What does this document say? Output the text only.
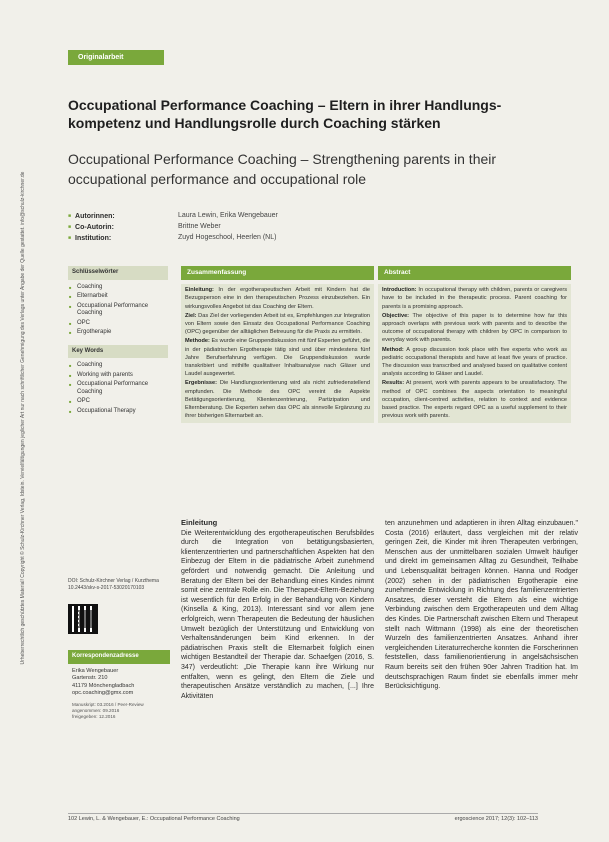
Urheberrechtlich geschütztes Material! Copyright © Schulz-Kirchner Verlag, Idstein. Vervielfältigungen jeglicher Art nur nach schriftlicher Genehmigung des Verlags unter Angabe der Quelle gestattet. info@schulz-kirchner.de
Originalarbeit
Occupational Performance Coaching – Eltern in ihrer Handlungskompetenz und Handlungsrolle durch Coaching stärken
Occupational Performance Coaching – Strengthening parents in their occupational performance and occupational role
■ Autorinnen:	Laura Lewin, Erika Wengebauer
■ Co-Autorin:	Brittne Weber
■ Institution:	Zuyd Hogeschool, Heerlen (NL)
Schlüsselwörter
■ Coaching
■ Elternarbeit
■ Occupational Performance Coaching
■ OPC
■ Ergotherapie
Key Words
■ Coaching
■ Working with parents
■ Occupational Performance Coaching
■ OPC
■ Occupational Therapy
Zusammenfassung

Einleitung: In der ergotherapeutischen Arbeit mit Kindern hat die Bezugsperson eine in den therapeutischen Prozess einzubeziehen. Ein wirkungsvolles Angebot ist das Coaching der Eltern.

Ziel: Das Ziel der vorliegenden Arbeit ist es, Empfehlungen zur Integration von Eltern sowie den Einsatz des Occupational Performance Coaching (OPC) gegenüber der alltäglichen Betreuung für die Praxis zu ermitteln.

Methode: Es wurde eine Gruppendiskussion mit fünf Experten geführt, die in der pädiatrischen Ergotherapie tätig sind und über mindestens fünf Jahre Berufserfahrung verfügen. Die Gruppendiskussion wurde transkribiert und mithilfe qualitativer Inhaltsanalyse nach Gläser und Laudel ausgewertet.

Ergebnisse: Die Handlungsorientierung wird als nicht zufriedenstellend empfunden. Die Methode des OPC vereint die Aspekte Betätigungsorientierung, Klientenzentrierung, Partizipation und Elternberatung. Die Experten sehen das OPC als sinnvolle Ergänzung zu ihrer bisherigen Elternarbeit an.

Abstract

Introduction: In occupational therapy with children, parents or caregivers have to be included in the therapeutic process. Parent coaching for parents is a promising approach.

Objective: The objective of this paper is to determine how far this approach overlaps with previous work with parents and to describe the outcome of occupational therapy with children by OPC in comparison to everyday work with parents.

Method: A group discussion took place with five experts who work as pediatric occupational therapists and have at least five years of practice. The discussion was transcribed and analysed based on qualitative content analysis according to Gläser and Laudel.

Results: At present, work with parents appears to be unsatisfactory. The method of OPC combines the aspects orientation to meaningful occupation, client-centred activities, relation to context and evidence based practice. The experts regard OPC as a useful supplement to their previous work with parents.

DOI: Schulz-Kirchner Verlag / Kurzthema
10.2443/skv-s-2017-53020170103
Korrespondenzadresse
Erika Wengebauer
Gartenstr. 210
41179 Mönchengladbach
opc.coaching@gmx.com
Manuskript: 03.2016 / Peer-Review
angenommen: 09.2016
freigegeben: 12.2016
Einleitung

Die Weiterentwicklung des ergotherapeutischen Berufsbildes durch die Integration von betätigungsbasierten, klientenzentrierten und partnerschaftlichen Aspekten hat den Einbezug der Eltern in die pädiatrische Arbeit zunehmend gefördert und notwendig gemacht. Die Anleitung und Beratung der Eltern bei der Behandlung eines Kindes nimmt somit eine zentrale Rolle ein. Die Therapeut-Eltern-Beziehung ist wesentlich für den Erfolg in der Behandlung von Kindern (Kinsella & King, 2013). Interessant sind vor allem jene erfolgreich, wenn Therapeuten die Bedeutung der häuslichen Umwelt bezüglich der Unterstützung und Entwicklung von Verhaltensänderungen beim Kind erkennen. In der pädiatrischen Praxis stellt die Elternarbeit folglich einen wichtigen Bestandteil der Therapie dar. Schaefgen (2016, S. 347) verdeutlicht: „Die Therapie kann ihre Wirkung nur entfalten, wenn es gelingt, den Eltern die Ziele und therapeutischen Ansätze verständlich zu machen, [...] Ihre Aktivitäten

ten anzunehmen und adaptieren in ihren Alltag einzubauen." Costa (2016) erläutert, dass vergleichen mit der relativ geringen Zeit, die Kinder mit ihren Therapeuten verbringen, Menschen aus der unmittelbaren sozialen Umwelt häufiger und direkt im gemeinsamen Alltag zu Gesundheit, Teilhabe und Lebensqualität beitragen können. Hanna und Rodger (2002) sehen in der pädiatrischen Ergotherapie eine zunehmende Entwicklung in Richtung des familienzentrierten Ansatzes, dieser versteht die Eltern als eine wichtige Verbindung zwischen dem Ergotherapeuten und dem Alltag des Kindes. Die Partnerschaft zwischen Eltern und Therapeut stellt nach Wittmann (1998) als eine der theoretischen Wurzeln des familienzentrierten Ansatzes. Anhand ihrer vergleichenden Literaturrecherche konnten die Forscherinnen feststellen, dass familienorientierung in angelsächsischen Raum bereits seit den frühen 90er Jahren Tradition hat. Im deutschsprachigen Raum findet sie ebenfalls immer mehr Berücksichtigung.

102 Lewin, L. & Wengebauer, E.: Occupational Performance Coaching	ergoscience 2017; 12(3): 102–113
